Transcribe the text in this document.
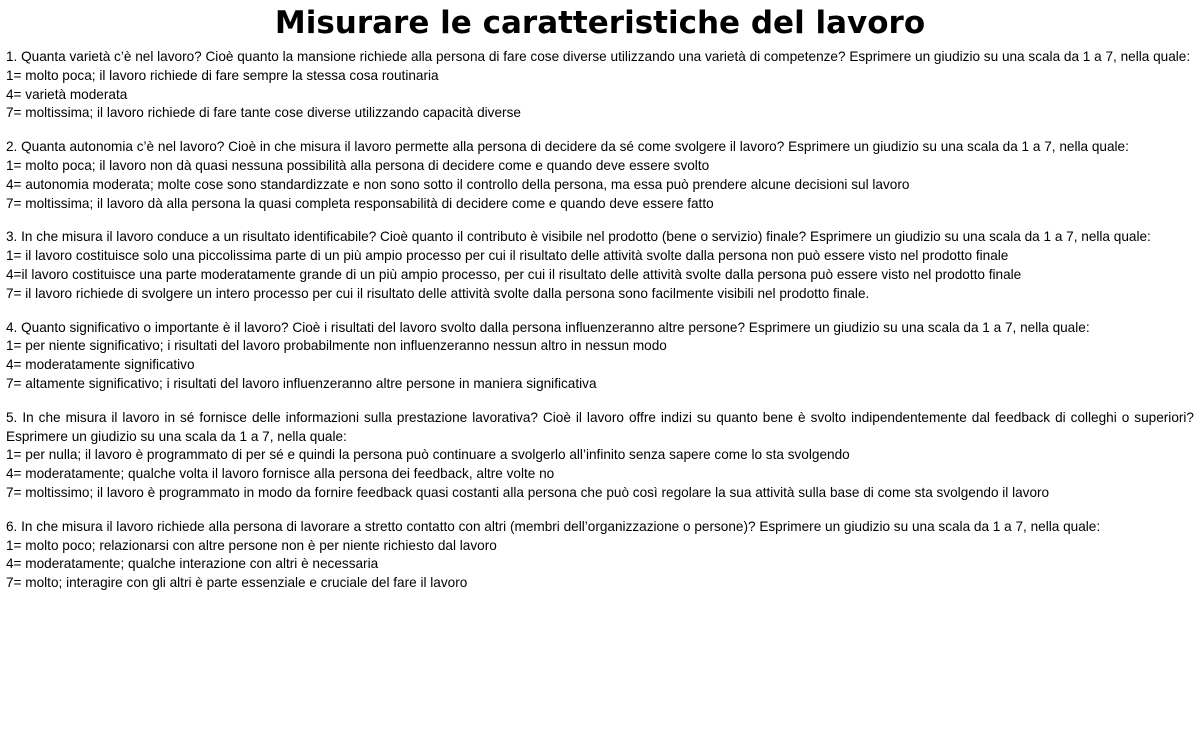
Misurare le caratteristiche del lavoro

1. Quanta varietà c’è nel lavoro? Cioè quanto la mansione richiede alla persona di fare cose diverse utilizzando una varietà di competenze? Esprimere un giudizio su una scala da 1 a 7, nella quale:

1= molto poca; il lavoro richiede di fare sempre la stessa cosa routinaria

4= varietà moderata

7= moltissima; il lavoro richiede di fare tante cose diverse utilizzando capacità diverse

2. Quanta autonomia c’è nel lavoro? Cioè in che misura il lavoro permette alla persona di decidere da sé come svolgere il lavoro? Esprimere un giudizio su una scala da 1 a 7, nella quale:

1= molto poca; il lavoro non dà quasi nessuna possibilità alla persona di decidere come e quando deve essere svolto

4= autonomia moderata; molte cose sono standardizzate e non sono sotto il controllo della persona, ma essa può prendere alcune decisioni sul lavoro

7= moltissima; il lavoro dà alla persona la quasi completa responsabilità di decidere come e quando deve essere fatto

3. In che misura il lavoro conduce a un risultato identificabile? Cioè quanto il contributo è visibile nel prodotto (bene o servizio) finale? Esprimere un giudizio su una scala da 1 a 7, nella quale:

1= il lavoro costituisce solo una piccolissima parte di un più ampio processo per cui il risultato delle attività svolte dalla persona non può essere visto nel prodotto finale

4=il lavoro costituisce una parte moderatamente grande di un più ampio processo, per cui il risultato delle attività svolte dalla persona può essere visto nel prodotto finale

7= il lavoro richiede di svolgere un intero processo per cui il risultato delle attività svolte dalla persona sono facilmente visibili nel prodotto finale.

4. Quanto significativo o importante è il lavoro? Cioè i risultati del lavoro svolto dalla persona influenzeranno altre persone? Esprimere un giudizio su una scala da 1 a 7, nella quale:

1= per niente significativo; i risultati del lavoro probabilmente non influenzeranno nessun altro in nessun modo

4= moderatamente significativo

7= altamente significativo; i risultati del lavoro influenzeranno altre persone in maniera significativa

5. In che misura il lavoro in sé fornisce delle informazioni sulla prestazione lavorativa? Cioè il lavoro offre indizi su quanto bene è svolto indipendentemente dal feedback di colleghi o superiori? Esprimere un giudizio su una scala da 1 a 7, nella quale:

1= per nulla; il lavoro è programmato di per sé e quindi la persona può continuare a svolgerlo all’infinito senza sapere come lo sta svolgendo

4= moderatamente; qualche volta il lavoro fornisce alla persona dei feedback, altre volte no

7= moltissimo; il lavoro è programmato in modo da fornire feedback quasi costanti alla persona che può così regolare la sua attività sulla base di come sta svolgendo il lavoro

6. In che misura il lavoro richiede alla persona di lavorare a stretto contatto con altri (membri dell’organizzazione o persone)? Esprimere un giudizio su una scala da 1 a 7, nella quale:

1= molto poco; relazionarsi con altre persone non è per niente richiesto dal lavoro

4= moderatamente; qualche interazione con altri è necessaria

7= molto; interagire con gli altri è parte essenziale e cruciale del fare il lavoro
